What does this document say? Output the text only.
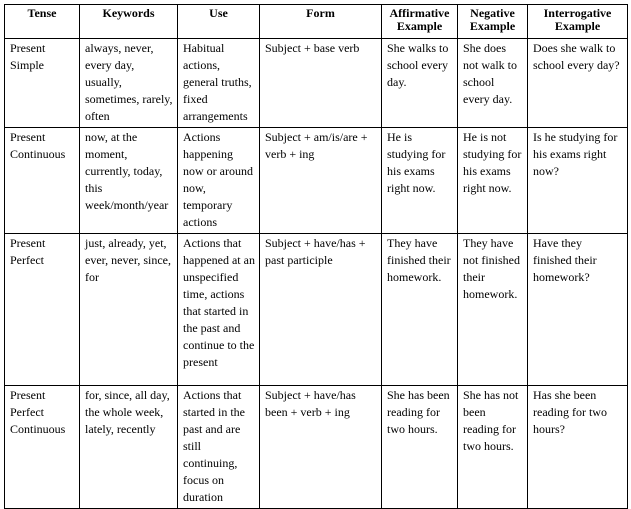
Tense	Keywords	Use	Form	Affirmative Example	Negative Example	Interrogative Example
Present Simple	always, never, every day, usually, sometimes, rarely, often	Habitual actions, general truths, fixed arrangements	Subject + base verb	She walks to school every day.	She does not walk to school every day.	Does she walk to school every day?
Present Continuous	now, at the moment, currently, today, this week/month/year	Actions happening now or around now, temporary actions	Subject + am/is/are + verb + ing	He is studying for his exams right now.	He is not studying for his exams right now.	Is he studying for his exams right now?
Present Perfect	just, already, yet, ever, never, since, for	Actions that happened at an unspecified time, actions that started in the past and continue to the present	Subject + have/has + past participle	They have finished their homework.	They have not finished their homework.	Have they finished their homework?
Present Perfect Continuous	for, since, all day, the whole week, lately, recently	Actions that started in the past and are still continuing, focus on duration	Subject + have/has been + verb + ing	She has been reading for two hours.	She has not been reading for two hours.	Has she been reading for two hours?
